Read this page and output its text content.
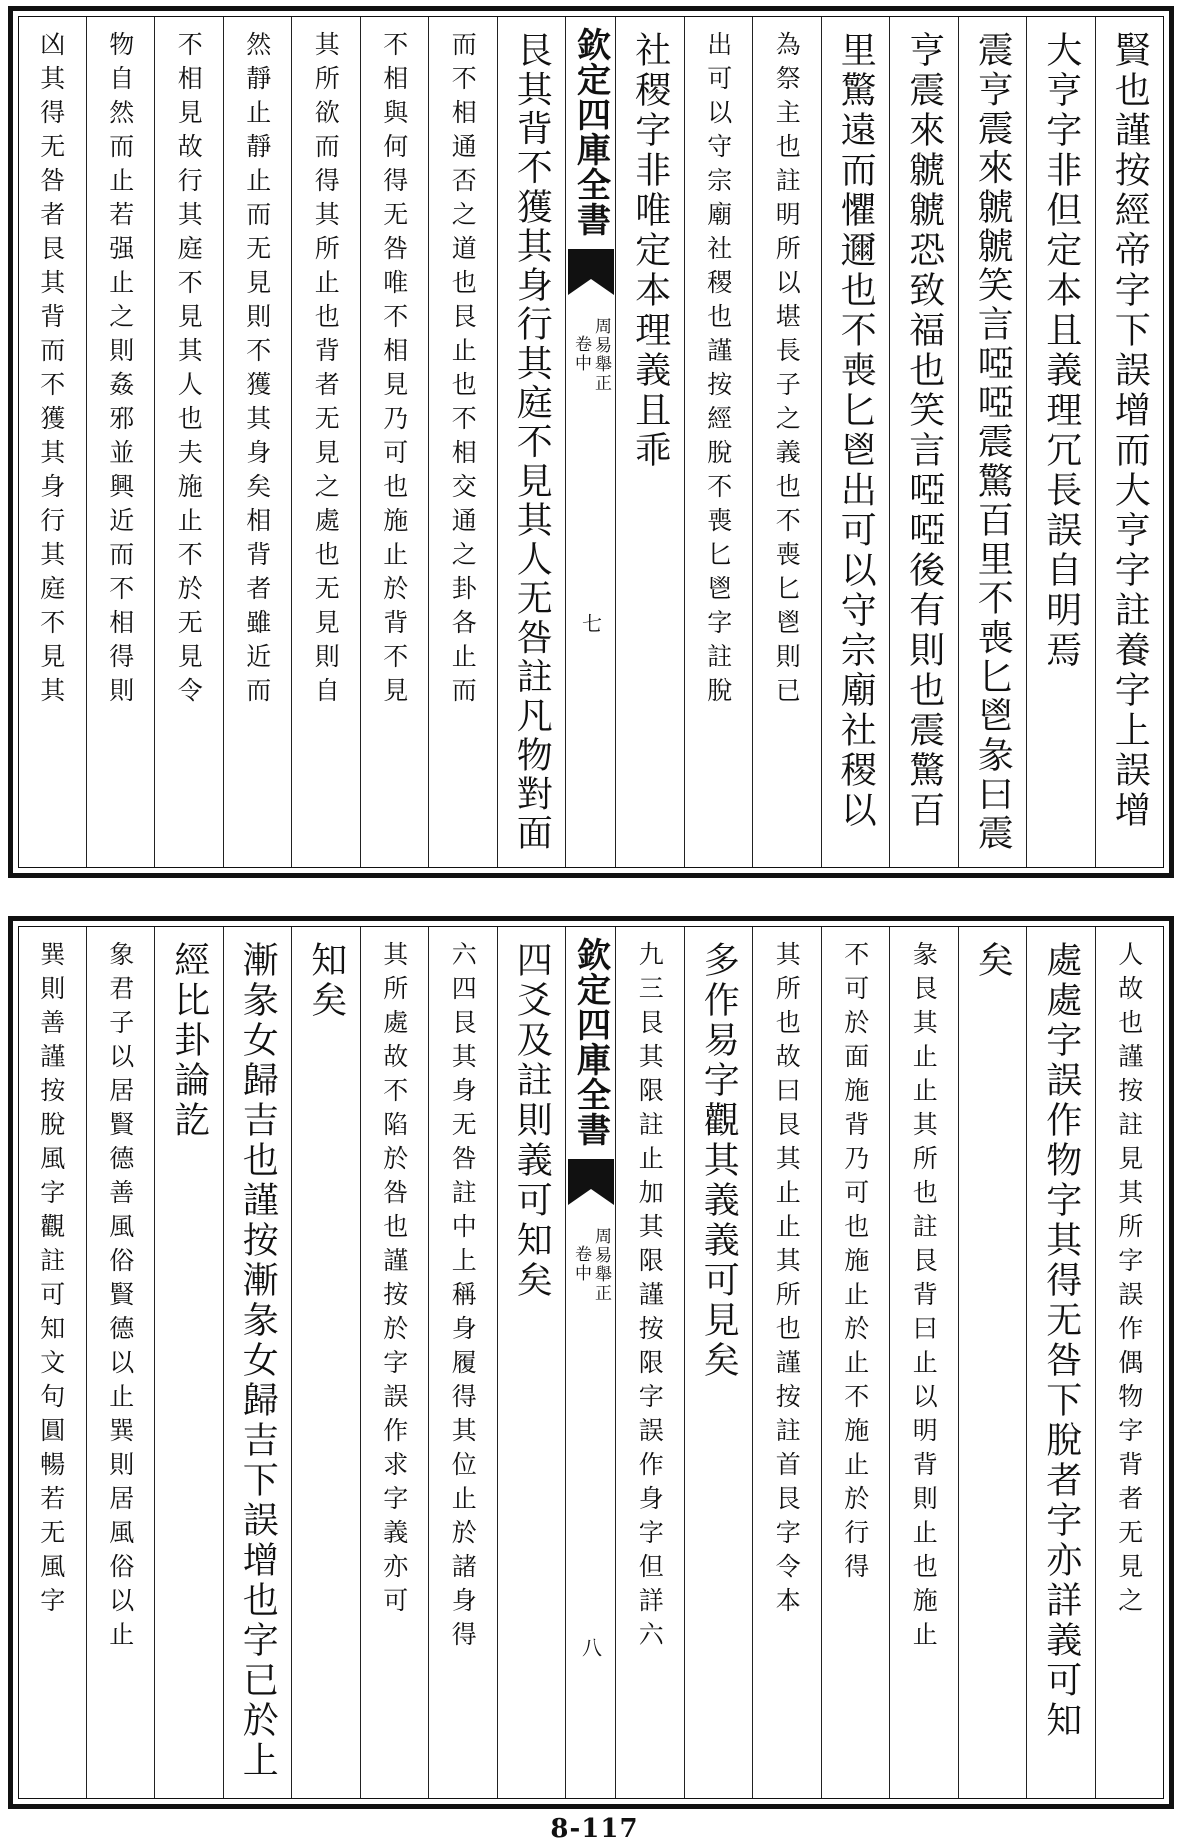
賢也謹按經帝字下誤增而大亨字註養字上誤增
大亨字非但定本且義理冗長誤自明焉
震亨震來虩虩笑言啞啞震驚百里不喪匕鬯彖曰震
亨震來虩虩恐致福也笑言啞啞後有則也震驚百
里驚遠而懼邇也不喪匕鬯出可以守宗廟社稷以
為祭主也註明所以堪長子之義也不喪匕鬯則已
出可以守宗廟社稷也謹按經脫不喪匕鬯字註脫
社稷字非唯定本理義且乖
欽定四庫全書
周易舉正
卷中
七
艮其背不獲其身行其庭不見其人无咎註凡物對面
而不相通否之道也艮止也不相交通之卦各止而
不相與何得无咎唯不相見乃可也施止於背不見
其所欲而得其所止也背者无見之處也无見則自
然靜止靜止而无見則不獲其身矣相背者雖近而
不相見故行其庭不見其人也夫施止不於无見令
物自然而止若强止之則姦邪並興近而不相得則
凶其得无咎者艮其背而不獲其身行其庭不見其
人故也謹按註見其所字誤作偶物字背者无見之
處處字誤作物字其得无咎下脫者字亦詳義可知
矣
彖艮其止止其所也註艮背曰止以明背則止也施止
不可於面施背乃可也施止於止不施止於行得
其所也故曰艮其止止其所也謹按註首艮字令本
多作易字觀其義義可見矣
九三艮其限註止加其限謹按限字誤作身字但詳六
欽定四庫全書
周易舉正
卷中
八
四爻及註則義可知矣
六四艮其身无咎註中上稱身履得其位止於諸身得
其所處故不陷於咎也謹按於字誤作求字義亦可
知矣
漸彖女歸吉也謹按漸彖女歸吉下誤增也字已於上
經比卦論訖
象君子以居賢德善風俗賢德以止巽則居風俗以止
巽則善謹按脫風字觀註可知文句圓暢若无風字
8-117
